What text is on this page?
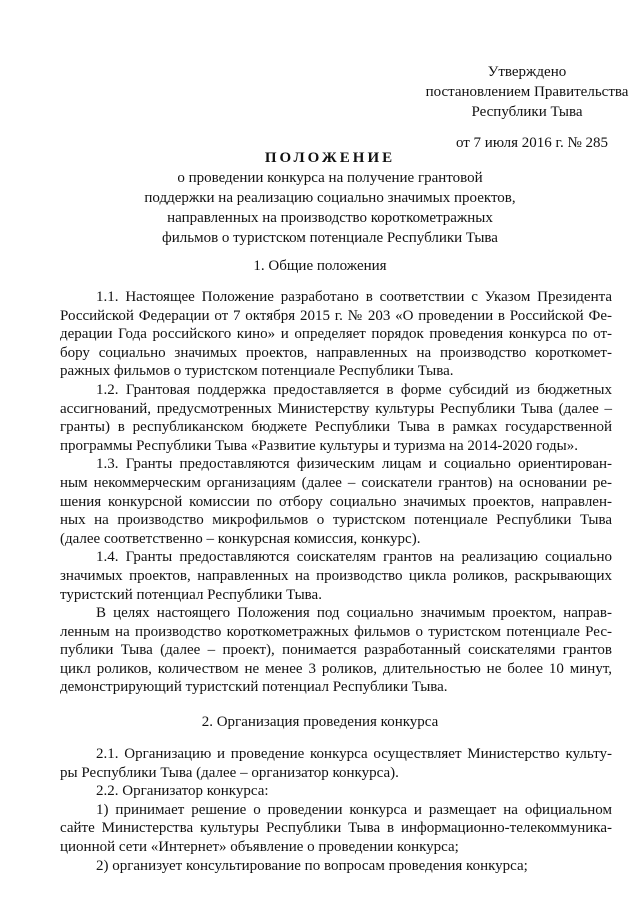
Утверждено
постановлением Правительства
Республики Тыва
от 7 июля 2016 г. № 285
ПОЛОЖЕНИЕ
о проведении конкурса на получение грантовой
поддержки на реализацию социально значимых проектов,
направленных на производство короткометражных
фильмов о туристском потенциале Республики Тыва
1. Общие положения
1.1. Настоящее Положение разработано в соответствии с Указом Президента
Российской Федерации от 7 октября 2015 г. № 203 «О проведении в Российской Фе-
дерации Года российского кино» и определяет порядок проведения конкурса по от-
бору социально значимых проектов, направленных на производство короткомет-
ражных фильмов о туристском потенциале Республики Тыва.
1.2. Грантовая поддержка предоставляется в форме субсидий из бюджетных
ассигнований, предусмотренных Министерству культуры Республики Тыва (далее –
гранты) в республиканском бюджете Республики Тыва в рамках государственной
программы Республики Тыва «Развитие культуры и туризма на 2014-2020 годы».
1.3. Гранты предоставляются физическим лицам и социально ориентирован-
ным некоммерческим организациям (далее – соискатели грантов) на основании ре-
шения конкурсной комиссии по отбору социально значимых проектов, направлен-
ных на производство микрофильмов о туристском потенциале Республики Тыва
(далее соответственно – конкурсная комиссия, конкурс).
1.4. Гранты предоставляются соискателям грантов на реализацию социально
значимых проектов, направленных на производство цикла роликов, раскрывающих
туристский потенциал Республики Тыва.
В целях настоящего Положения под социально значимым проектом, направ-
ленным на производство короткометражных фильмов о туристском потенциале Рес-
публики Тыва (далее – проект), понимается разработанный соискателями грантов
цикл роликов, количеством не менее 3 роликов, длительностью не более 10 минут,
демонстрирующий туристский потенциал Республики Тыва.
2. Организация проведения конкурса
2.1. Организацию и проведение конкурса осуществляет Министерство культу-
ры Республики Тыва (далее – организатор конкурса).
2.2. Организатор конкурса:
1) принимает решение о проведении конкурса и размещает на официальном
сайте Министерства культуры Республики Тыва в информационно-телекоммуника-
ционной сети «Интернет» объявление о проведении конкурса;
2) организует консультирование по вопросам проведения конкурса;
